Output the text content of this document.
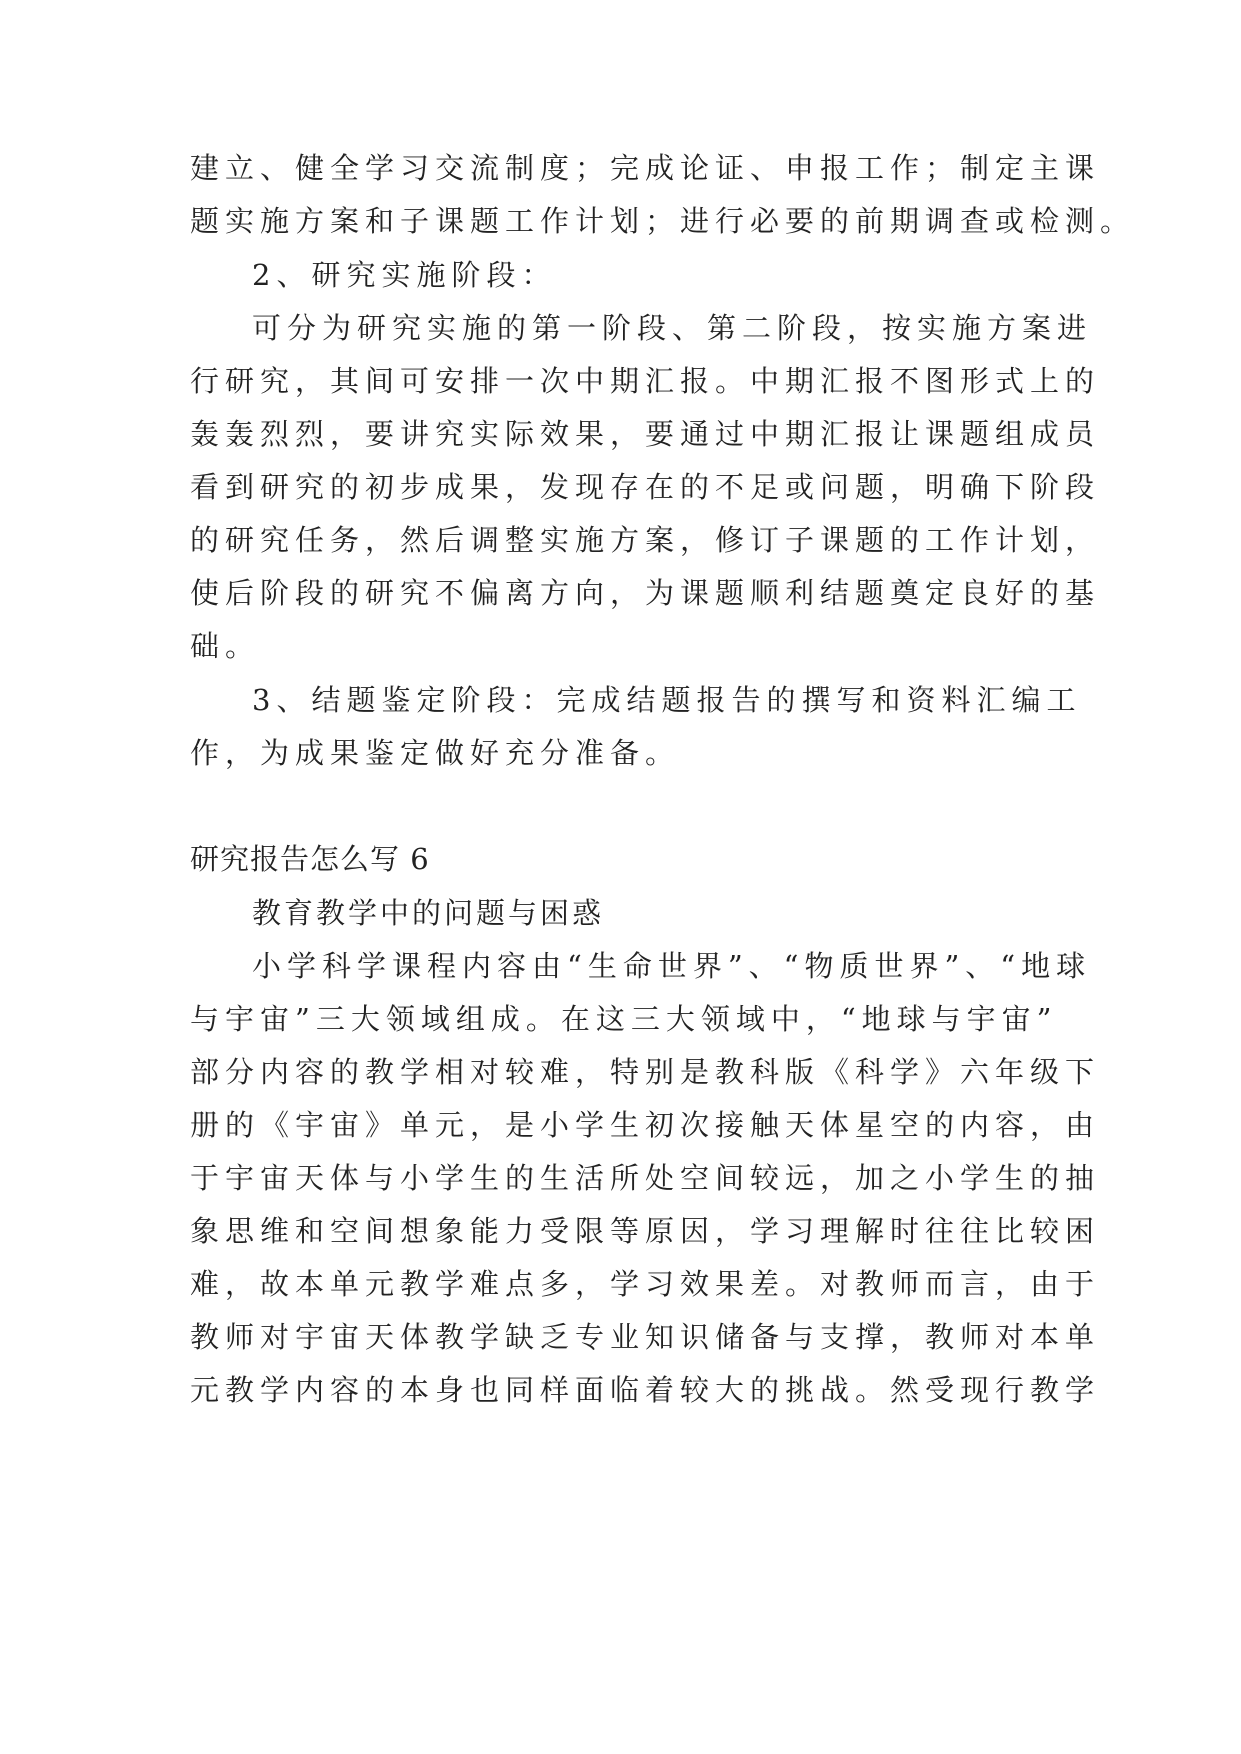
建立、健全学习交流制度；完成论证、申报工作；制定主课
题实施方案和子课题工作计划；进行必要的前期调查或检测。
2、研究实施阶段：
可分为研究实施的第一阶段、第二阶段，按实施方案进
行研究，其间可安排一次中期汇报。中期汇报不图形式上的
轰轰烈烈，要讲究实际效果，要通过中期汇报让课题组成员
看到研究的初步成果，发现存在的不足或问题，明确下阶段
的研究任务，然后调整实施方案，修订子课题的工作计划，
使后阶段的研究不偏离方向，为课题顺利结题奠定良好的基
础。
3、结题鉴定阶段：完成结题报告的撰写和资料汇编工
作，为成果鉴定做好充分准备。
研究报告怎么写 6
教育教学中的问题与困惑
小学科学课程内容由“生命世界”、“物质世界”、“地球
与宇宙”三大领域组成。在这三大领域中，“地球与宇宙”
部分内容的教学相对较难，特别是教科版《科学》六年级下
册的《宇宙》单元，是小学生初次接触天体星空的内容，由
于宇宙天体与小学生的生活所处空间较远，加之小学生的抽
象思维和空间想象能力受限等原因，学习理解时往往比较困
难，故本单元教学难点多，学习效果差。对教师而言，由于
教师对宇宙天体教学缺乏专业知识储备与支撑，教师对本单
元教学内容的本身也同样面临着较大的挑战。然受现行教学
